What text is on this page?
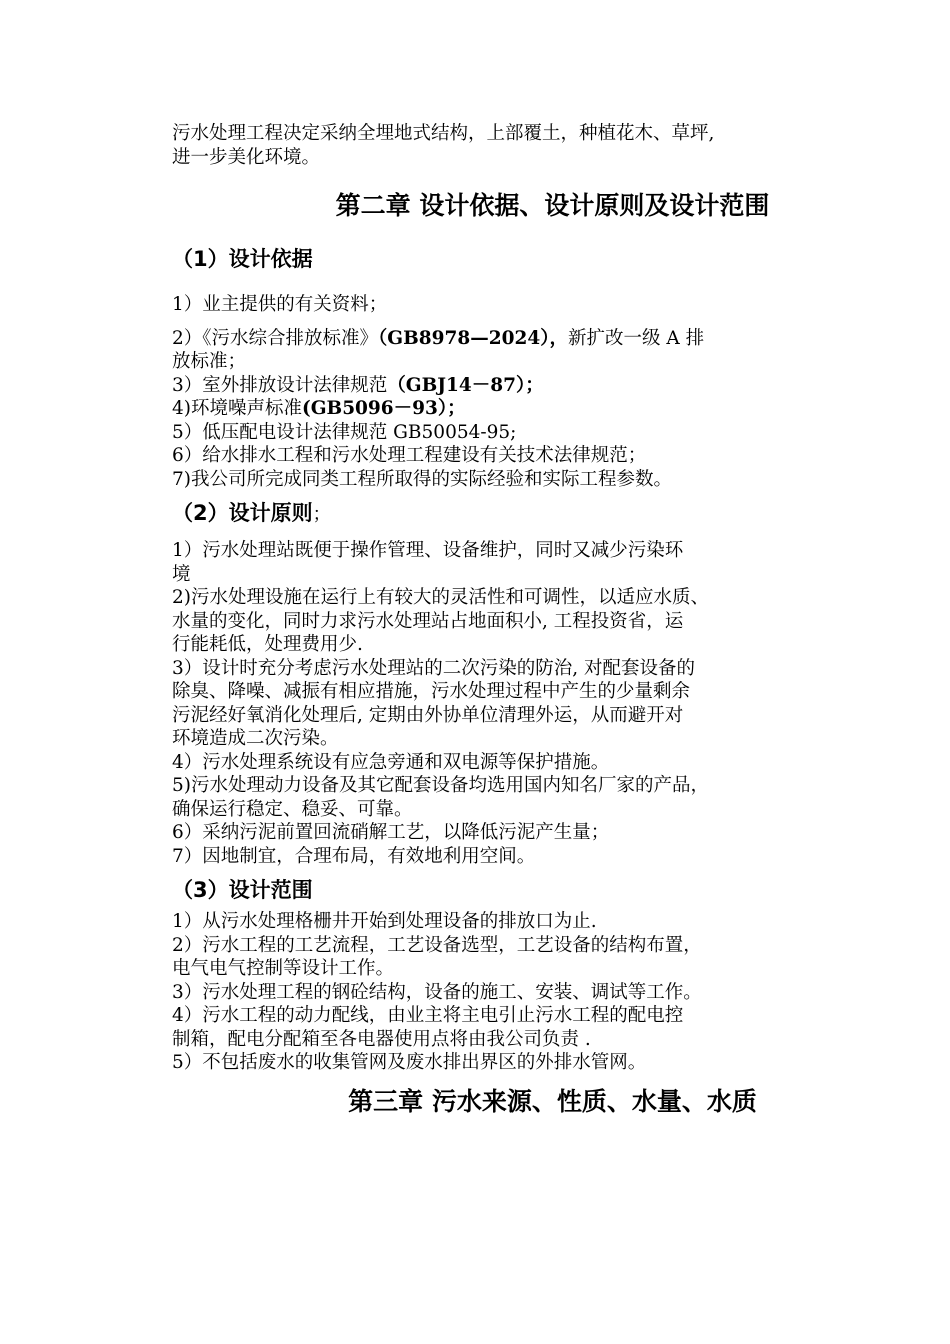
污水处理工程决定采纳全埋地式结构，上部覆土，种植花木、草坪,
进一步美化环境。
第二章 设计依据、设计原则及设计范围
（1）设计依据
1）业主提供的有关资料；
2）《污水综合排放标准》（GB8978—2024），新扩改一级 A 排
放标准；
3）室外排放设计法律规范（GBJ14－87）；
4)环境噪声标准(GB5096－93）；
5）低压配电设计法律规范 GB50054-95;
6）给水排水工程和污水处理工程建设有关技术法律规范；
7)我公司所完成同类工程所取得的实际经验和实际工程参数。
（2）设计原则；
1）污水处理站既便于操作管理、设备维护，同时又减少污染环
境
2)污水处理设施在运行上有较大的灵活性和可调性，以适应水质、
水量的变化，同时力求污水处理站占地面积小, 工程投资省，运
行能耗低，处理费用少.
3）设计时充分考虑污水处理站的二次污染的防治, 对配套设备的
除臭、降噪、减振有相应措施，污水处理过程中产生的少量剩余
污泥经好氧消化处理后, 定期由外协单位清理外运，从而避开对
环境造成二次污染。
4）污水处理系统设有应急旁通和双电源等保护措施。
5)污水处理动力设备及其它配套设备均选用国内知名厂家的产品，
确保运行稳定、稳妥、可靠。
6）采纳污泥前置回流硝解工艺，以降低污泥产生量；
7）因地制宜，合理布局，有效地利用空间。
（3）设计范围
1）从污水处理格栅井开始到处理设备的排放口为止.
2）污水工程的工艺流程，工艺设备选型，工艺设备的结构布置，
电气电气控制等设计工作。
3）污水处理工程的钢砼结构，设备的施工、安装、调试等工作。
4）污水工程的动力配线，由业主将主电引止污水工程的配电控
制箱，配电分配箱至各电器使用点将由我公司负责 .
5）不包括废水的收集管网及废水排出界区的外排水管网。
第三章 污水来源、性质、水量、水质
